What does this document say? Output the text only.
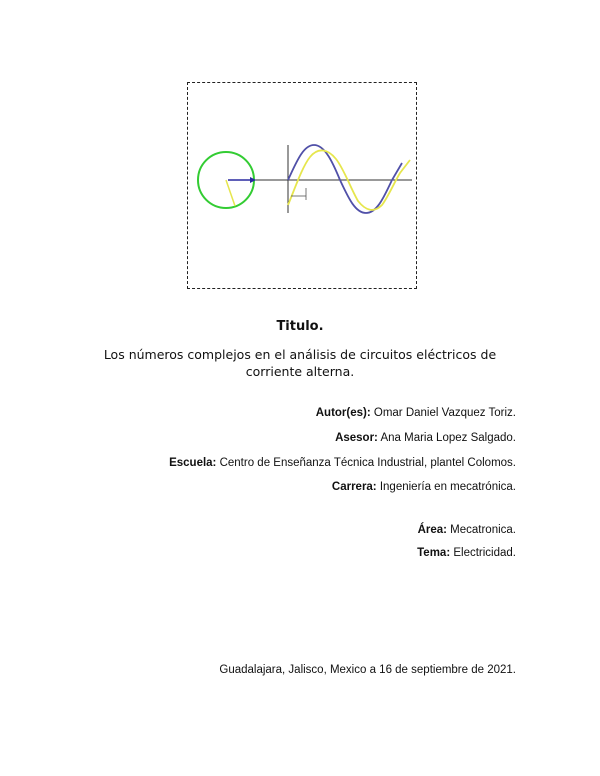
Titulo.
Los números complejos en el análisis de circuitos eléctricos de corriente alterna.
Autor(es): Omar Daniel Vazquez Toriz.
Asesor: Ana Maria Lopez Salgado.
Escuela: Centro de Enseñanza Técnica Industrial, plantel Colomos.
Carrera: Ingeniería en mecatrónica.
Área: Mecatronica.
Tema: Electricidad.
Guadalajara, Jalisco, Mexico a 16 de septiembre de 2021.
